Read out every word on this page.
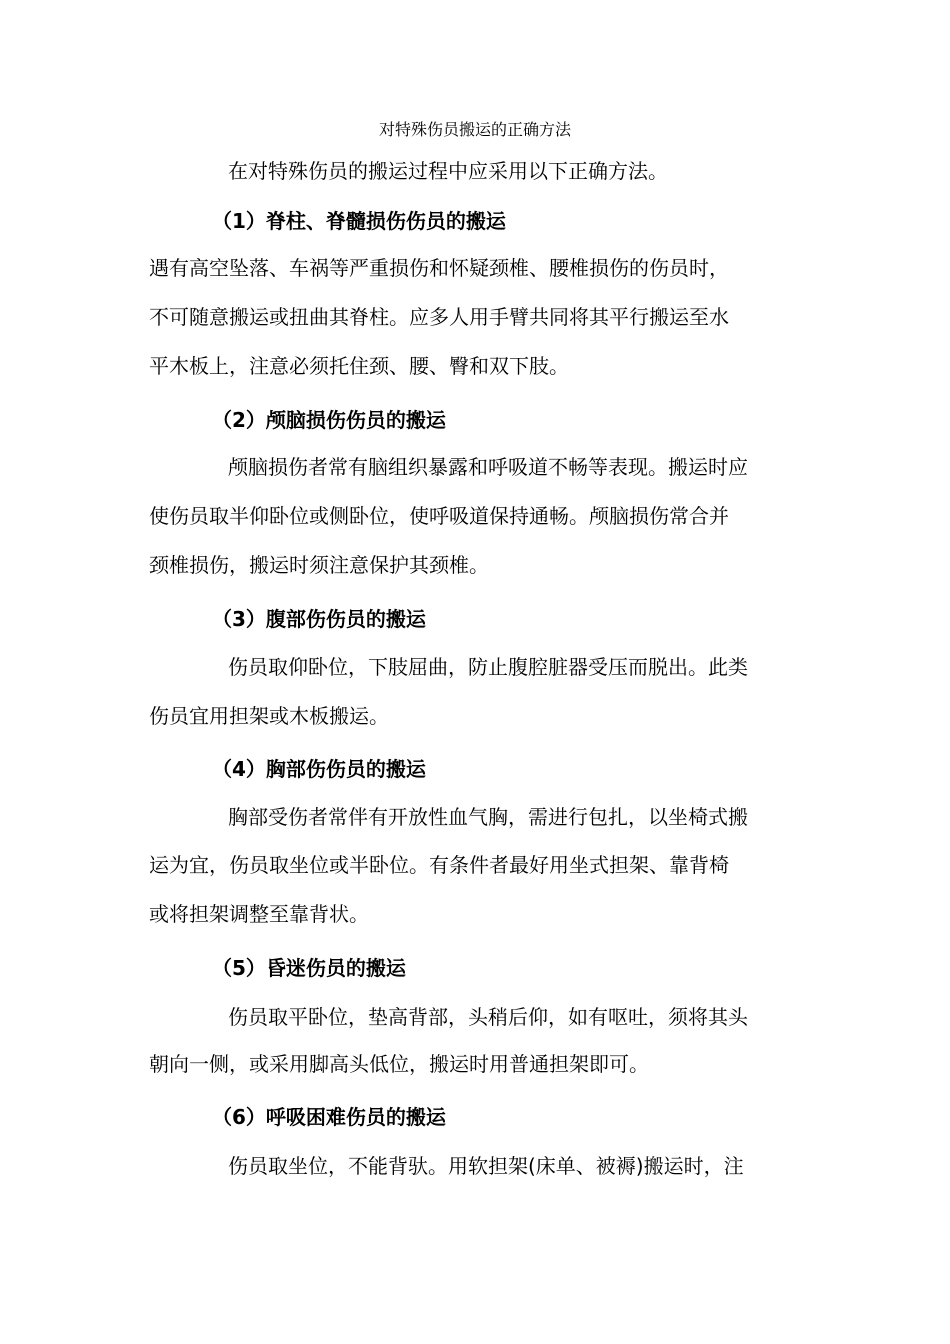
对特殊伤员搬运的正确方法
在对特殊伤员的搬运过程中应采用以下正确方法。
（1）脊柱、脊髓损伤伤员的搬运
遇有高空坠落、车祸等严重损伤和怀疑颈椎、腰椎损伤的伤员时，
不可随意搬运或扭曲其脊柱。应多人用手臂共同将其平行搬运至水
平木板上，注意必须托住颈、腰、臀和双下肢。
（2）颅脑损伤伤员的搬运
颅脑损伤者常有脑组织暴露和呼吸道不畅等表现。搬运时应
使伤员取半仰卧位或侧卧位，使呼吸道保持通畅。颅脑损伤常合并
颈椎损伤，搬运时须注意保护其颈椎。
（3）腹部伤伤员的搬运
伤员取仰卧位，下肢屈曲，防止腹腔脏器受压而脱出。此类
伤员宜用担架或木板搬运。
（4）胸部伤伤员的搬运
胸部受伤者常伴有开放性血气胸，需进行包扎，以坐椅式搬
运为宜，伤员取坐位或半卧位。有条件者最好用坐式担架、靠背椅
或将担架调整至靠背状。
（5）昏迷伤员的搬运
伤员取平卧位，垫高背部，头稍后仰，如有呕吐，须将其头
朝向一侧，或采用脚高头低位，搬运时用普通担架即可。
（6）呼吸困难伤员的搬运
伤员取坐位，不能背驮。用软担架(床单、被褥)搬运时，注
